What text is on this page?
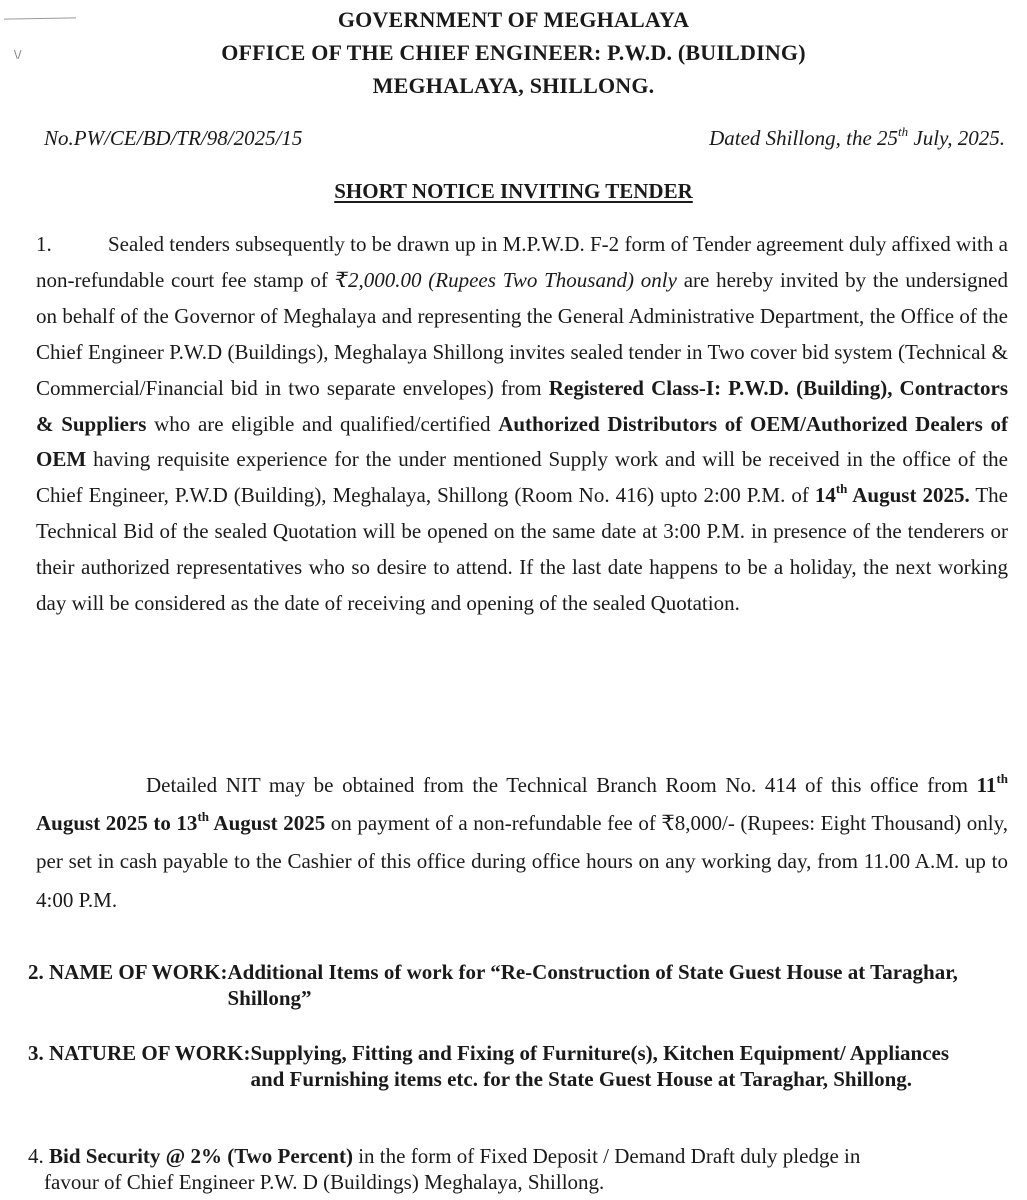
\/
GOVERNMENT OF MEGHALAYA
OFFICE OF THE CHIEF ENGINEER: P.W.D. (BUILDING)
MEGHALAYA, SHILLONG.
No.PW/CE/BD/TR/98/2025/15	Dated Shillong, the 25th July, 2025.
SHORT NOTICE INVITING TENDER

1.	Sealed tenders subsequently to be drawn up in M.P.W.D. F-2 form of Tender agreement duly affixed with a non-refundable court fee stamp of ₹2,000.00 (Rupees Two Thousand) only are hereby invited by the undersigned on behalf of the Governor of Meghalaya and representing the General Administrative Department, the Office of the Chief Engineer P.W.D (Buildings), Meghalaya Shillong invites sealed tender in Two cover bid system (Technical & Commercial/Financial bid in two separate envelopes) from Registered Class-I: P.W.D. (Building), Contractors & Suppliers who are eligible and qualified/certified Authorized Distributors of OEM/Authorized Dealers of OEM having requisite experience for the under mentioned Supply work and will be received in the office of the Chief Engineer, P.W.D (Building), Meghalaya, Shillong (Room No. 416) upto 2:00 P.M. of 14th August 2025. The Technical Bid of the sealed Quotation will be opened on the same date at 3:00 P.M. in presence of the tenderers or their authorized representatives who so desire to attend. If the last date happens to be a holiday, the next working day will be considered as the date of receiving and opening of the sealed Quotation.

Detailed NIT may be obtained from the Technical Branch Room No. 414 of this office from 11th August 2025 to 13th August 2025 on payment of a non-refundable fee of ₹8,000/- (Rupees: Eight Thousand) only, per set in cash payable to the Cashier of this office during office hours on any working day, from 11.00 A.M. up to 4:00 P.M.

2. NAME OF WORK:Additional Items of work for “Re-Construction of State Guest House at Taraghar, Shillong”
3. NATURE OF WORK:Supplying, Fitting and Fixing of Furniture(s), Kitchen Equipment/ Appliances and Furnishing items etc. for the State Guest House at Taraghar, Shillong.
4. Bid Security @ 2% (Two Percent) in the form of Fixed Deposit / Demand Draft duly pledge in
favour of Chief Engineer P.W. D (Buildings) Meghalaya, Shillong.
